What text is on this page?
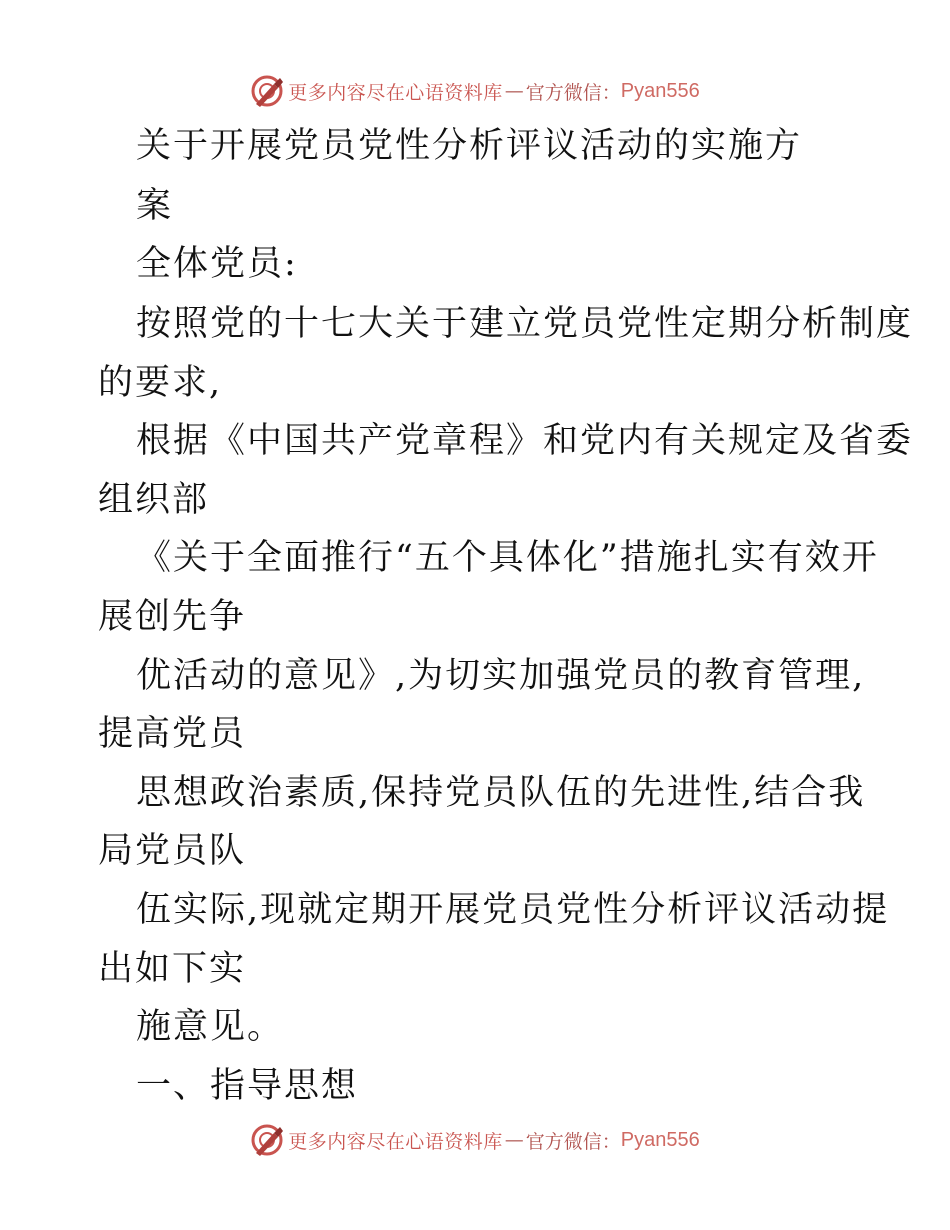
更多内容尽在心语资料库 — 官方微信： Pyan556
关于开展党员党性分析评议活动的实施方
案
全体党员:
按照党的十七大关于建立党员党性定期分析制度
的要求,
根据《中国共产党章程》和党内有关规定及省委
组织部
《关于全面推行“五个具体化”措施扎实有效开
展创先争
优活动的意见》,为切实加强党员的教育管理,
提高党员
思想政治素质,保持党员队伍的先进性,结合我
局党员队
伍实际,现就定期开展党员党性分析评议活动提
出如下实
施意见。
一、指导思想
更多内容尽在心语资料库 — 官方微信： Pyan556
